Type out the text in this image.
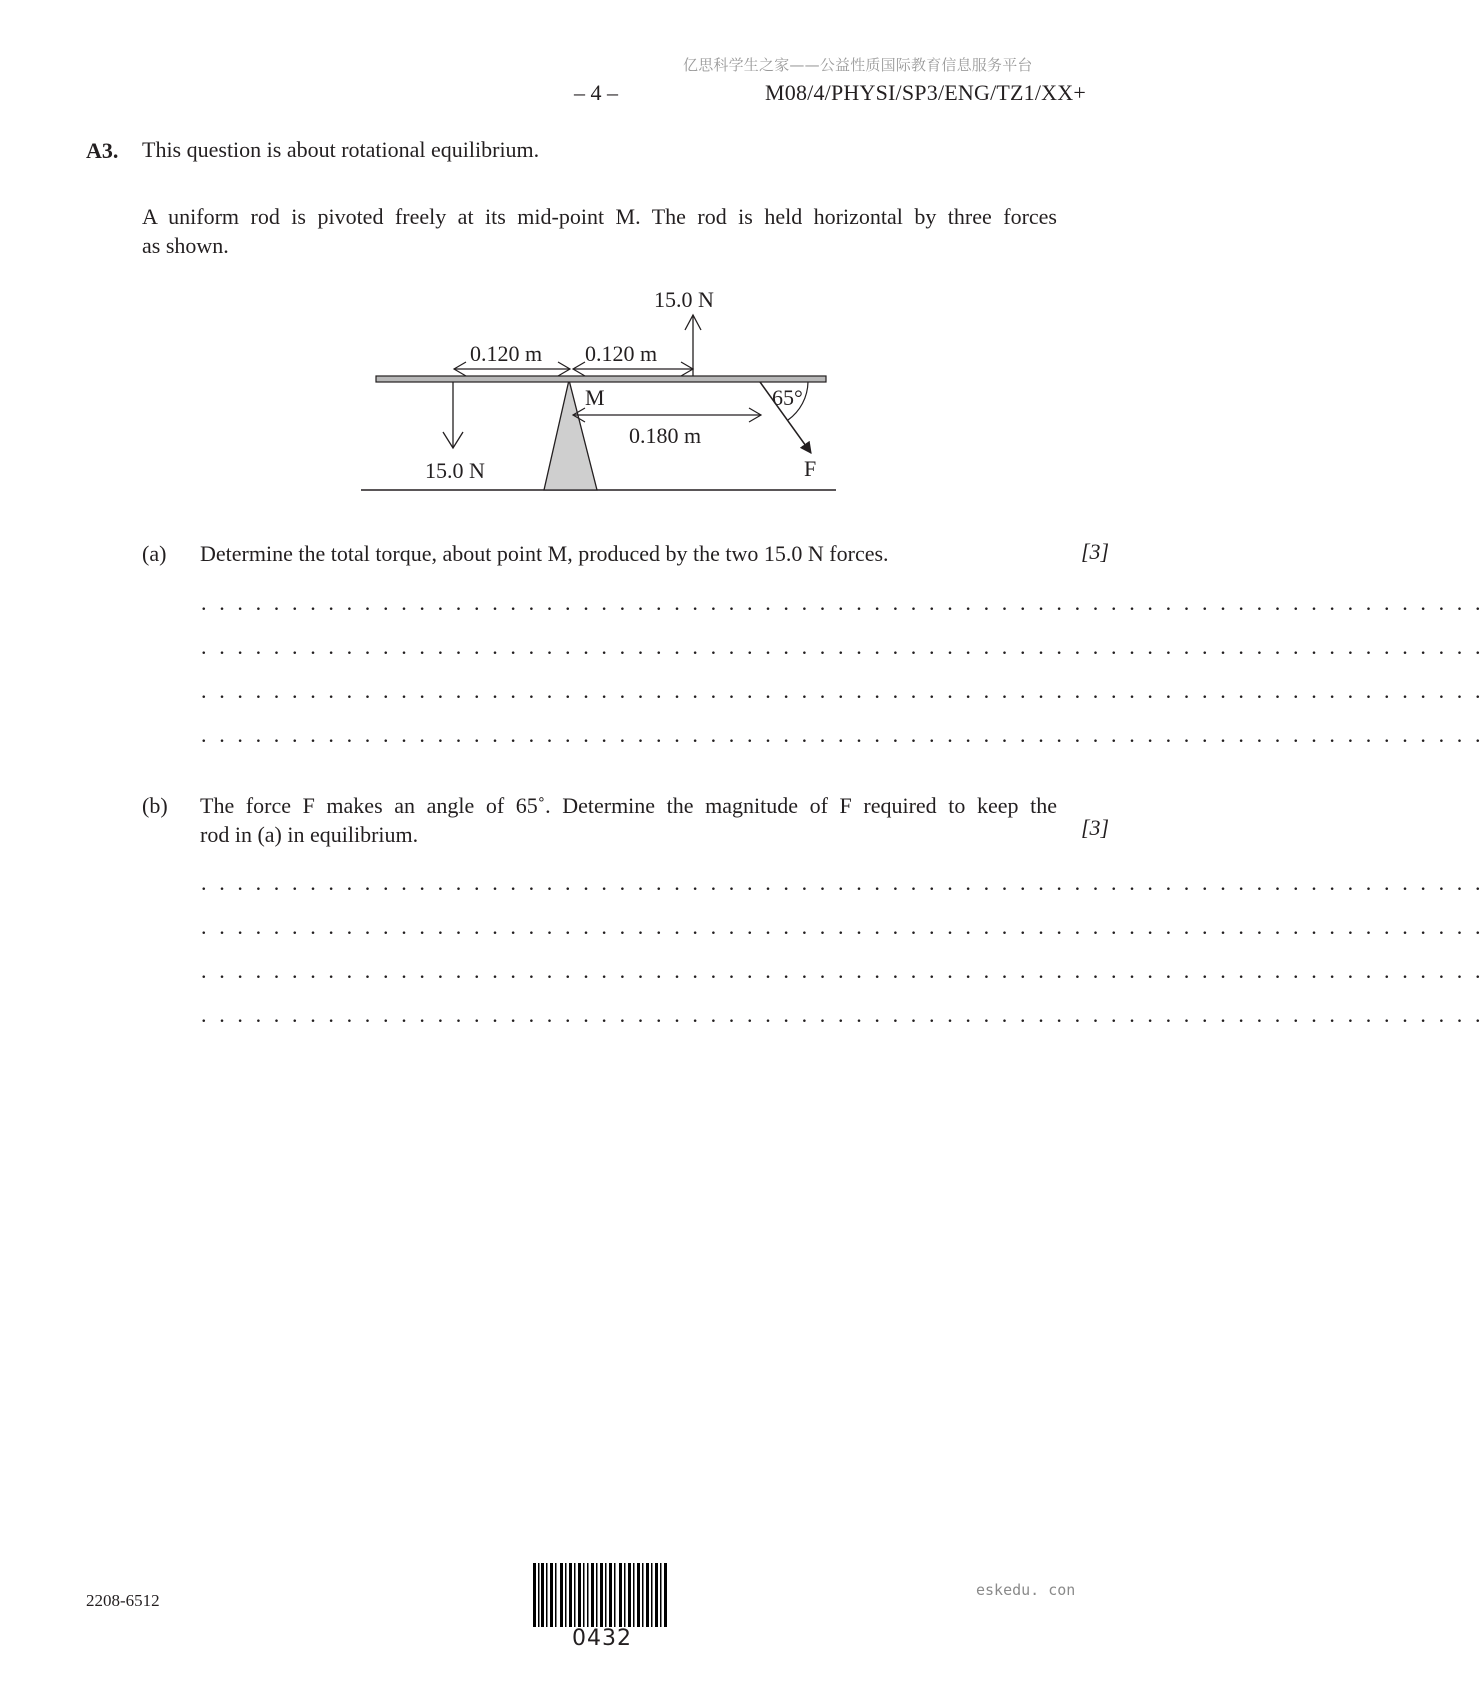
亿思科学生之家——公益性质国际教育信息服务平台
– 4 –	M08/4/PHYSI/SP3/ENG/TZ1/XX+
A3. This question is about rotational equilibrium.
A uniform rod is pivoted freely at its mid-point M. The rod is held horizontal by three forces
as shown.
15.0 N
0.120 m 0.120 m
15.0 N
M
0.180 m
65°
F
(a) Determine the total torque, about point M, produced by the two 15.0 N forces.	[3]
. . . . . . . . . . . . . . . . . . . . . . . . . . . . . . . . . . . . . . . . . . . . . . . . . . . . . . . . . . . . . . . . . . . . . . .
. . . . . . . . . . . . . . . . . . . . . . . . . . . . . . . . . . . . . . . . . . . . . . . . . . . . . . . . . . . . . . . . . . . . . . .
. . . . . . . . . . . . . . . . . . . . . . . . . . . . . . . . . . . . . . . . . . . . . . . . . . . . . . . . . . . . . . . . . . . . . . .
. . . . . . . . . . . . . . . . . . . . . . . . . . . . . . . . . . . . . . . . . . . . . . . . . . . . . . . . . . . . . . . . . . . . . . .
(b) The force F makes an angle of 65˚. Determine the magnitude of F required to keep the
rod in (a) in equilibrium.	[3]
. . . . . . . . . . . . . . . . . . . . . . . . . . . . . . . . . . . . . . . . . . . . . . . . . . . . . . . . . . . . . . . . . . . . . . .
. . . . . . . . . . . . . . . . . . . . . . . . . . . . . . . . . . . . . . . . . . . . . . . . . . . . . . . . . . . . . . . . . . . . . . .
. . . . . . . . . . . . . . . . . . . . . . . . . . . . . . . . . . . . . . . . . . . . . . . . . . . . . . . . . . . . . . . . . . . . . . .
. . . . . . . . . . . . . . . . . . . . . . . . . . . . . . . . . . . . . . . . . . . . . . . . . . . . . . . . . . . . . . . . . . . . . . .
2208-6512
0432
eskedu. con
